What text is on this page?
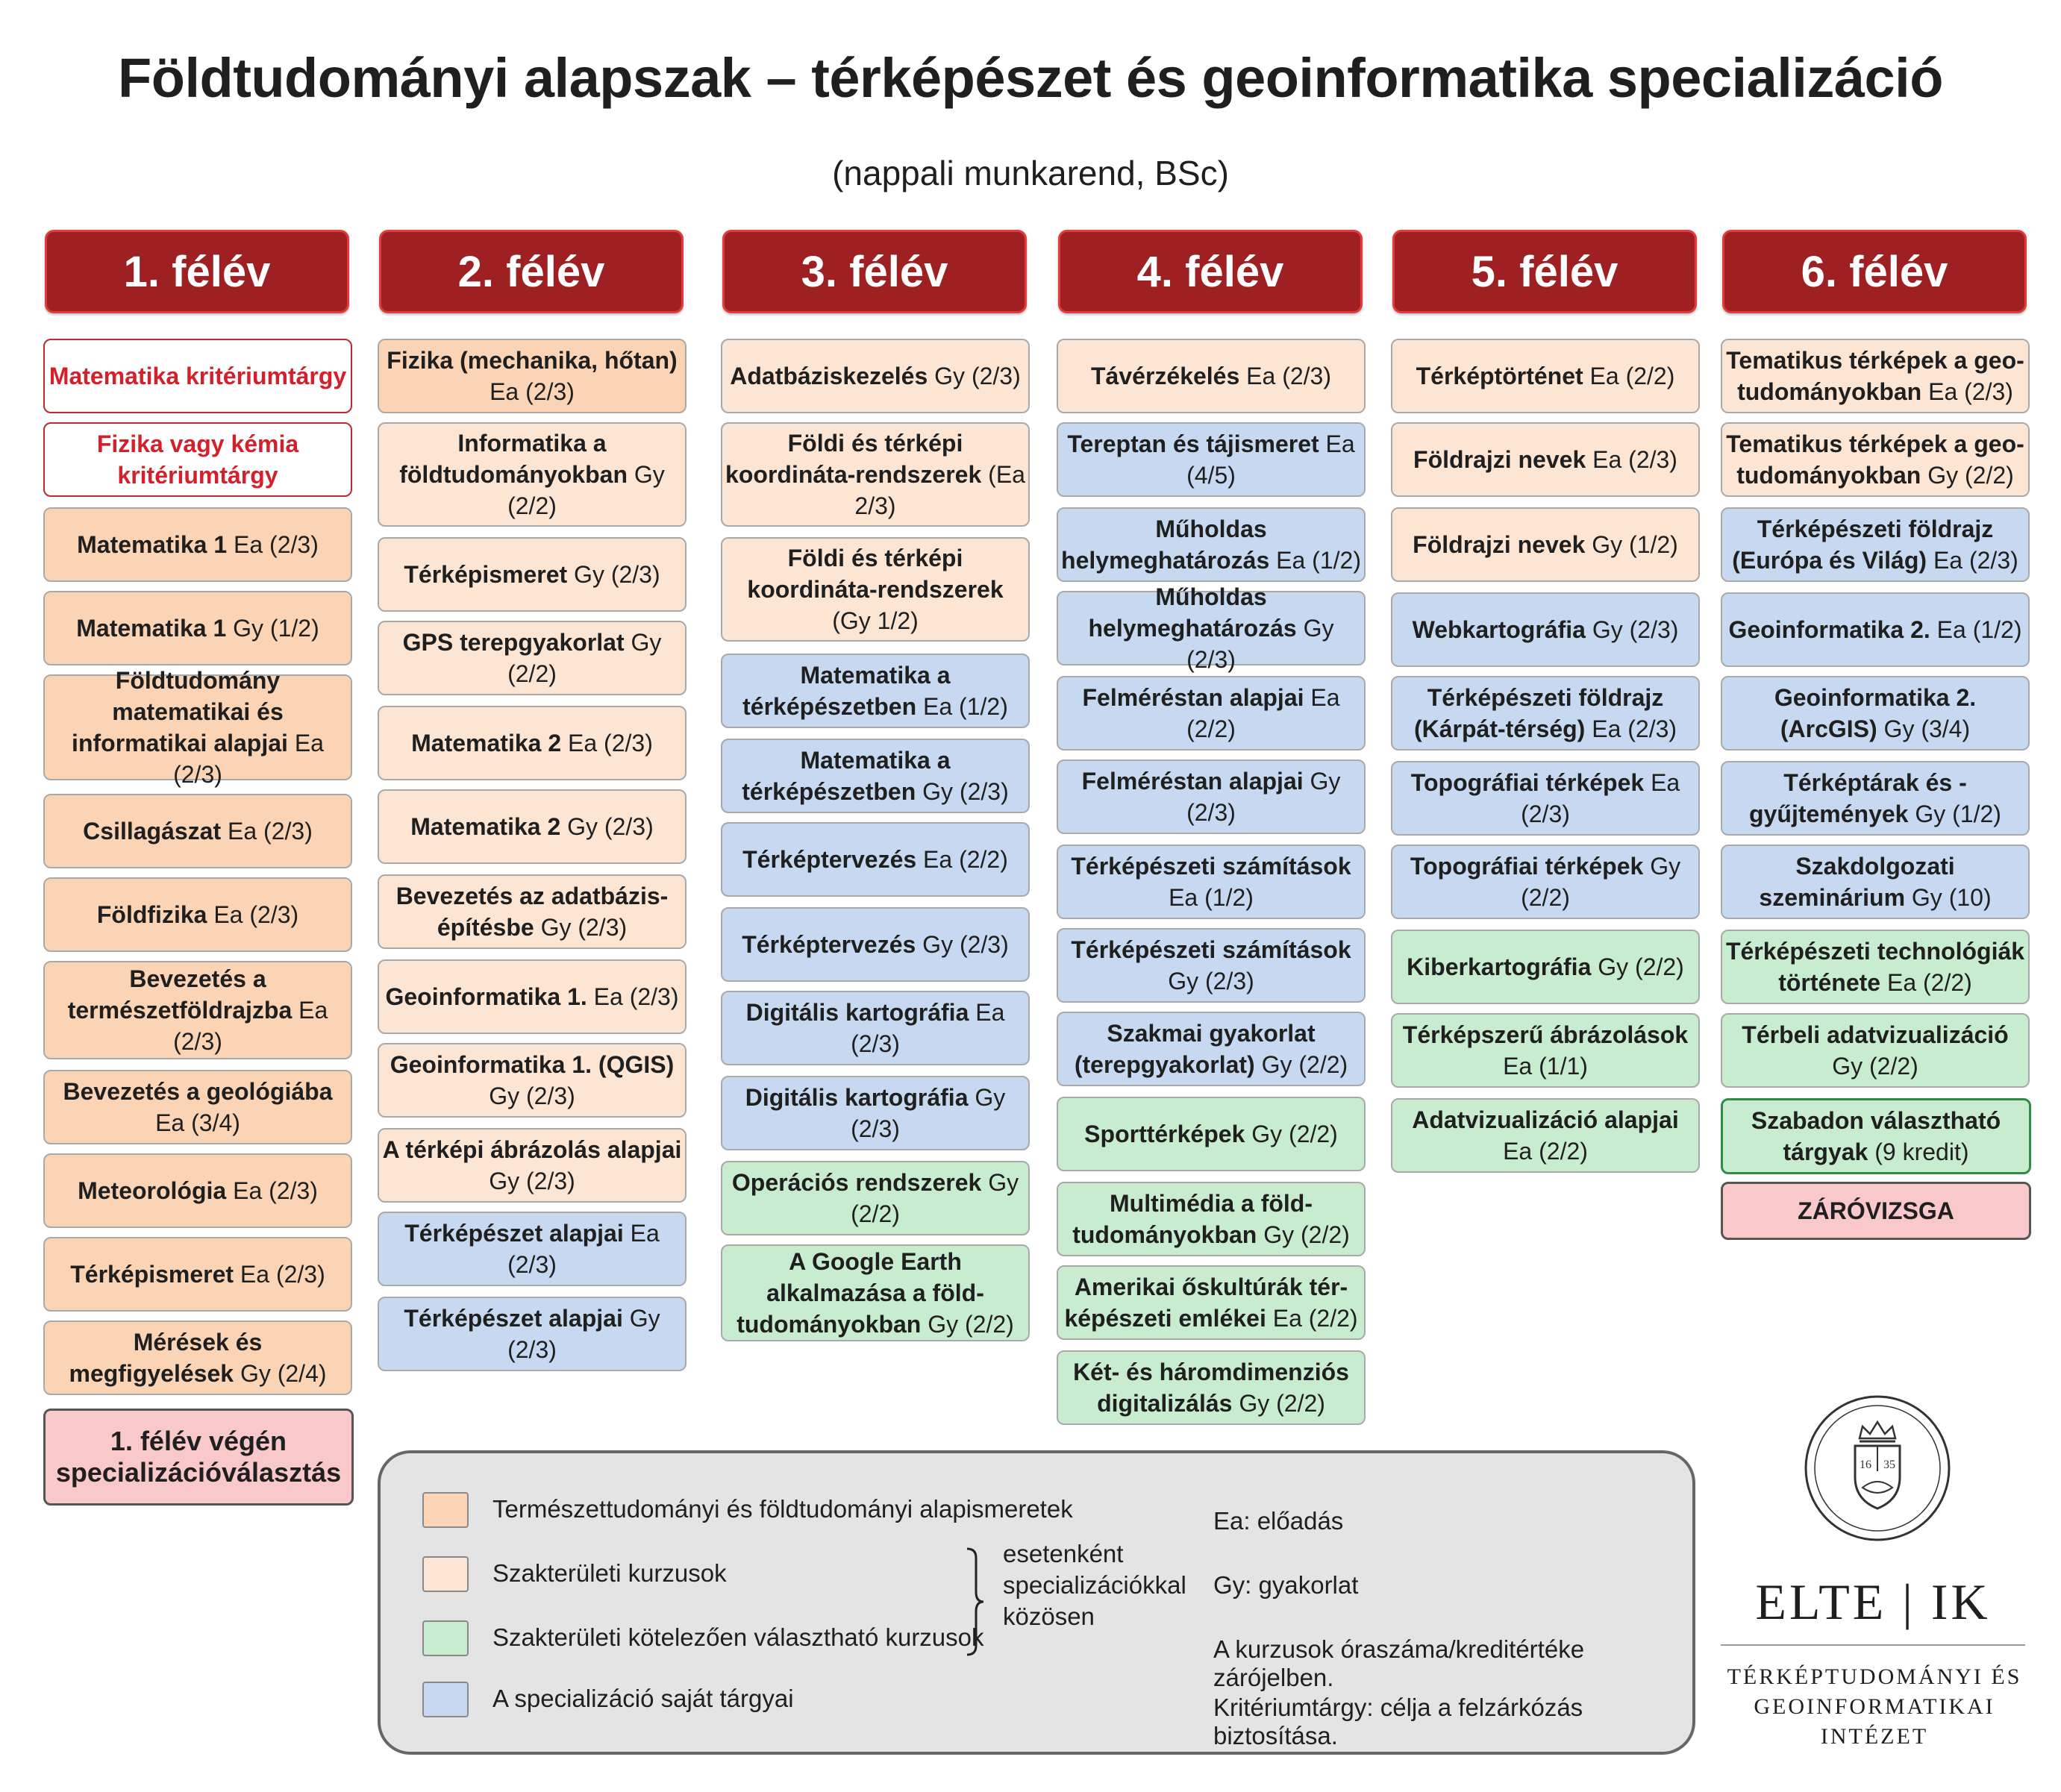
Földtudományi alapszak – térképészet és geoinformatika specializáció
(nappali munkarend, BSc)
1. félév
Matematika kritériumtárgy
Fizika vagy kémia kritériumtárgy
Matematika 1 Ea (2/3)
Matematika 1 Gy (1/2)
Földtudomány matematikai és informatikai alapjai Ea (2/3)
Csillagászat Ea (2/3)
Földfizika Ea (2/3)
Bevezetés a természetföldrajzba Ea (2/3)
Bevezetés a geológiába Ea (3/4)
Meteorológia Ea (2/3)
Térképismeret Ea (2/3)
Mérések és megfigyelések Gy (2/4)
1. félév végén specializációválasztás
2. félév
Fizika (mechanika, hőtan) Ea (2/3)
Informatika a földtudományokban Gy (2/2)
Térképismeret Gy (2/3)
GPS terepgyakorlat Gy (2/2)
Matematika 2 Ea (2/3)
Matematika 2 Gy (2/3)
Bevezetés az adatbázis-építésbe Gy (2/3)
Geoinformatika 1. Ea (2/3)
Geoinformatika 1. (QGIS) Gy (2/3)
A térképi ábrázolás alapjai Gy (2/3)
Térképészet alapjai Ea (2/3)
Térképészet alapjai Gy (2/3)
3. félév
Adatbáziskezelés Gy (2/3)
Földi és térképi koordináta-rendszerek (Ea 2/3)
Földi és térképi koordináta-rendszerek (Gy 1/2)
Matematika a térképészetben Ea (1/2)
Matematika a térképészetben Gy (2/3)
Térképtervezés Ea (2/2)
Térképtervezés Gy (2/3)
Digitális kartográfia Ea (2/3)
Digitális kartográfia Gy (2/3)
Operációs rendszerek Gy (2/2)
A Google Earth alkalmazása a föld-tudományokban Gy (2/2)
4. félév
Távérzékelés Ea (2/3)
Tereptan és tájismeret Ea (4/5)
Műholdas helymeghatározás Ea (1/2)
Műholdas helymeghatározás Gy (2/3)
Felméréstan alapjai Ea (2/2)
Felméréstan alapjai Gy (2/3)
Térképészeti számítások Ea (1/2)
Térképészeti számítások Gy (2/3)
Szakmai gyakorlat (terepgyakorlat) Gy (2/2)
Sporttérképek Gy (2/2)
Multimédia a föld-tudományokban Gy (2/2)
Amerikai őskultúrák tér-képészeti emlékei Ea (2/2)
Két- és háromdimenziós digitalizálás Gy (2/2)
5. félév
Térképtörténet Ea (2/2)
Földrajzi nevek Ea (2/3)
Földrajzi nevek Gy (1/2)
Webkartográfia Gy (2/3)
Térképészeti földrajz (Kárpát-térség) Ea (2/3)
Topográfiai térképek Ea (2/3)
Topográfiai térképek Gy (2/2)
Kiberkartográfia Gy (2/2)
Térképszerű ábrázolások Ea (1/1)
Adatvizualizáció alapjai Ea (2/2)
6. félév
Tematikus térképek a geo-tudományokban Ea (2/3)
Tematikus térképek a geo-tudományokban Gy (2/2)
Térképészeti földrajz (Európa és Világ) Ea (2/3)
Geoinformatika 2. Ea (1/2)
Geoinformatika 2. (ArcGIS) Gy (3/4)
Térképtárak és -gyűjtemények Gy (1/2)
Szakdolgozati szeminárium Gy (10)
Térképészeti technológiák története Ea (2/2)
Térbeli adatvizualizáció Gy (2/2)
Szabadon választható tárgyak (9 kredit)
ZÁRÓVIZSGA
Természettudományi és földtudományi alapismeretek
Szakterületi kurzusok
Szakterületi kötelezően választható kurzusok
A specializáció saját tárgyai
esetenként
specializációkkal
közösen
Ea: előadás
Gy: gyakorlat
A kurzusok óraszáma/kreditértéke zárójelben.
Kritériumtárgy: célja a felzárkózás biztosítása.
16 35
ELTE | IK
TÉRKÉPTUDOMÁNYI ÉS
GEOINFORMATIKAI
INTÉZET
